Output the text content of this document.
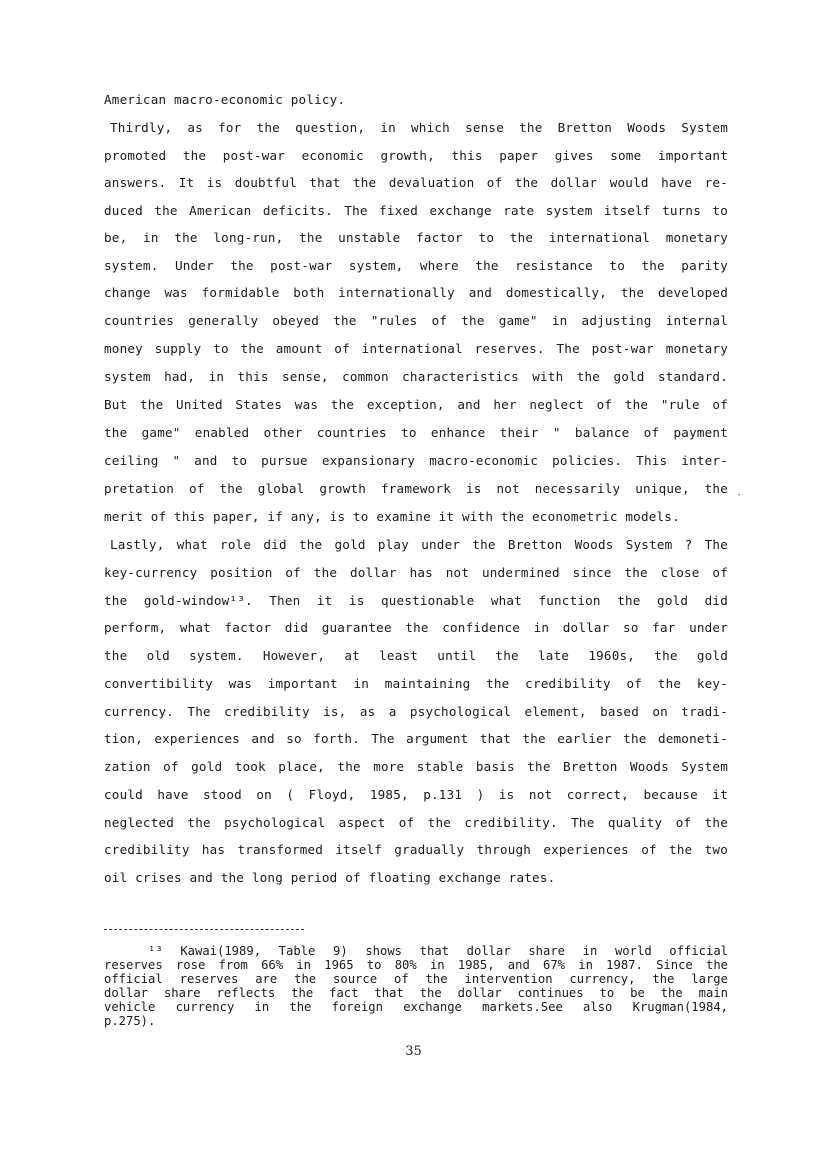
American macro-economic policy.
Thirdly, as for the question, in which sense the Bretton Woods System
promoted the post-war economic growth, this paper gives some important
answers. It is doubtful that the devaluation of the dollar would have re-
duced the American deficits. The fixed exchange rate system itself turns to
be, in the long-run, the unstable factor to the international monetary
system. Under the post-war system, where the resistance to the parity
change was formidable both internationally and domestically, the developed
countries generally obeyed the "rules of the game" in adjusting internal
money supply to the amount of international reserves. The post-war monetary
system had, in this sense, common characteristics with the gold standard.
But the United States was the exception, and her neglect of the "rule of
the game" enabled other countries to enhance their " balance of payment
ceiling " and to pursue expansionary macro-economic policies. This inter-
pretation of the global growth framework is not necessarily unique, the
merit of this paper, if any, is to examine it with the econometric models.
Lastly, what role did the gold play under the Bretton Woods System ? The
key-currency position of the dollar has not undermined since the close of
the gold-window¹³. Then it is questionable what function the gold did
perform, what factor did guarantee the confidence in dollar so far under
the old system. However, at least until the late 1960s, the gold
convertibility was important in maintaining the credibility of the key-
currency. The credibility is, as a psychological element, based on tradi-
tion, experiences and so forth. The argument that the earlier the demoneti-
zation of gold took place, the more stable basis the Bretton Woods System
could have stood on ( Floyd, 1985, p.131 ) is not correct, because it
neglected the psychological aspect of the credibility. The quality of the
credibility has transformed itself gradually through experiences of the two
oil crises and the long period of floating exchange rates.
·
¹³ Kawai(1989, Table 9) shows that dollar share in world official
reserves rose from 66% in 1965 to 80% in 1985, and 67% in 1987. Since the
official reserves are the source of the intervention currency, the large
dollar share reflects the fact that the dollar continues to be the main
vehicle currency in the foreign exchange markets.See also Krugman(1984,
p.275).
35
